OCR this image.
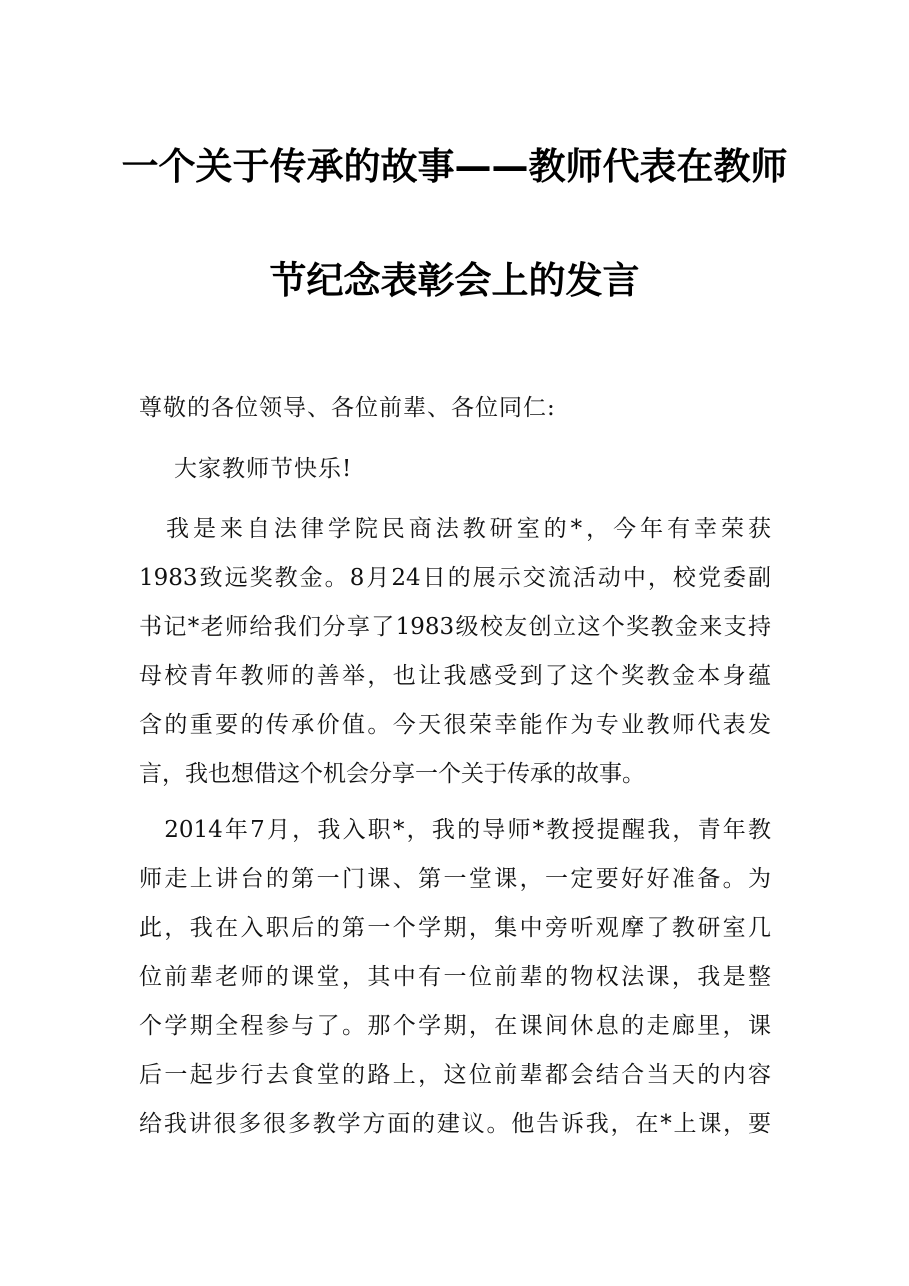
一个关于传承的故事——教师代表在教师
节纪念表彰会上的发言
尊敬的各位领导、各位前辈、各位同仁:
大家教师节快乐!
　我是来自法律学院民商法教研室的*，今年有幸荣获
1983致远奖教金。8月24日的展示交流活动中，校党委副
书记*老师给我们分享了1983级校友创立这个奖教金来支持
母校青年教师的善举，也让我感受到了这个奖教金本身蕴
含的重要的传承价值。今天很荣幸能作为专业教师代表发
言，我也想借这个机会分享一个关于传承的故事。
　2014年7月，我入职*，我的导师*教授提醒我，青年教
师走上讲台的第一门课、第一堂课，一定要好好准备。为
此，我在入职后的第一个学期，集中旁听观摩了教研室几
位前辈老师的课堂，其中有一位前辈的物权法课，我是整
个学期全程参与了。那个学期，在课间休息的走廊里，课
后一起步行去食堂的路上，这位前辈都会结合当天的内容
给我讲很多很多教学方面的建议。他告诉我，在*上课，要
